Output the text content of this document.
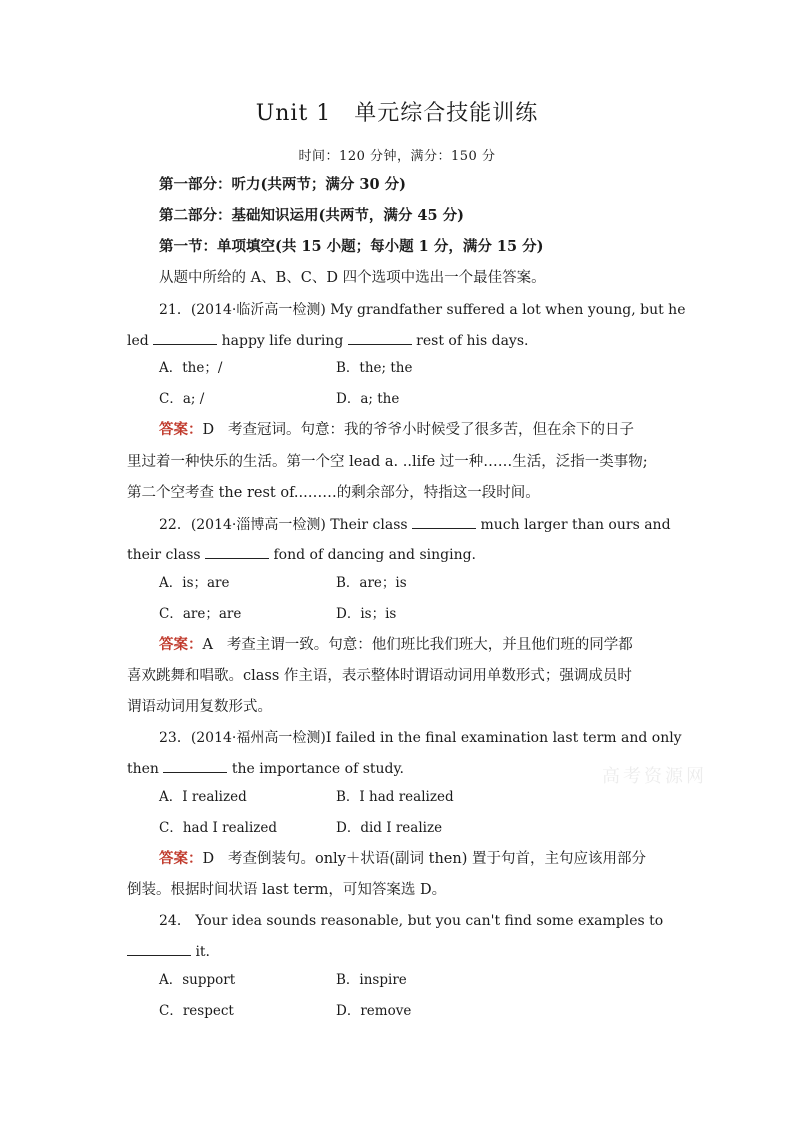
Unit 1　单元综合技能训练
时间：120 分钟，满分：150 分
第一部分：听力(共两节；满分 30 分)
第二部分：基础知识运用(共两节，满分 45 分)
第一节：单项填空(共 15 小题；每小题 1 分，满分 15 分)
从题中所给的 A、B、C、D 四个选项中选出一个最佳答案。
21．(2014·临沂高一检测) My grandfather suffered a lot when young, but he
led	happy life during	rest of his days.
A．the；/	B．the; the
C．a; /	D．a; the
答案：D 考查冠词。句意：我的爷爷小时候受了很多苦，但在余下的日子
里过着一种快乐的生活。第一个空 lead a. ..life 过一种……生活，泛指一类事物;
第二个空考查 the rest of...……的剩余部分，特指这一段时间。
22．(2014·淄博高一检测) Their class	much larger than ours and
their class	fond of dancing and singing.
A．is；are	B．are；is
C．are；are	D．is；is
答案：A 考查主谓一致。句意：他们班比我们班大，并且他们班的同学都
喜欢跳舞和唱歌。class 作主语，表示整体时谓语动词用单数形式；强调成员时
谓语动词用复数形式。
23．(2014·福州高一检测)I failed in the final examination last term and only
then	the importance of study.
A．I realized	B．I had realized
C．had I realized	D．did I realize
答案：D 考查倒装句。only＋状语(副词 then) 置于句首，主句应该用部分
倒装。根据时间状语 last term，可知答案选 D。
24． Your idea sounds reasonable, but you can't find some examples to
it.
A．support	B．inspire
C．respect	D．remove
高考资源网
